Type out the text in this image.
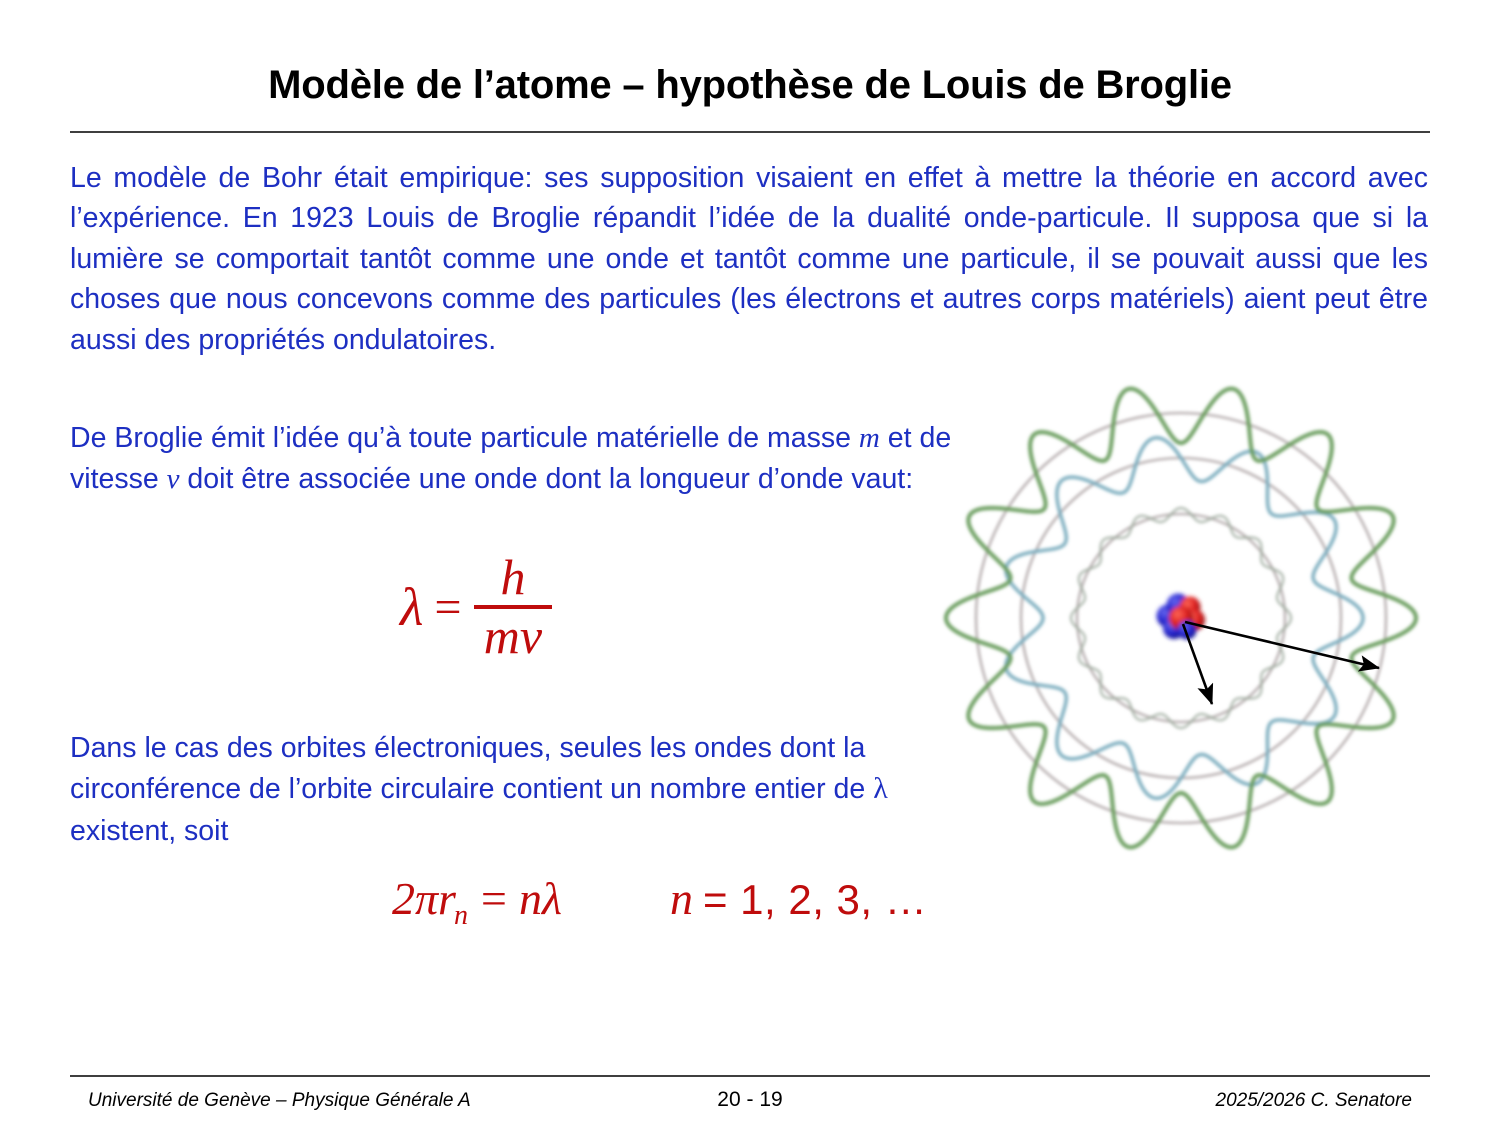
Modèle de l’atome – hypothèse de Louis de Broglie
Le modèle de Bohr était empirique: ses supposition visaient en effet à mettre la théorie en accord avec l’expérience. En 1923 Louis de Broglie répandit l’idée de la dualité onde-particule. Il supposa que si la lumière se comportait tantôt comme une onde et tantôt comme une particule, il se pouvait aussi que les choses que nous concevons comme des particules (les électrons et autres corps matériels) aient peut être aussi des propriétés ondulatoires.
De Broglie émit l’idée qu’à toute particule matérielle de masse m et de vitesse v doit être associée une onde dont la longueur d’onde vaut:
$\lambda = \frac{h}{mv}$
Dans le cas des orbites électroniques, seules les ondes dont la circonférence de l’orbite circulaire contient un nombre entier de λ existent, soit
2 π r
n = n λ n = 1, 2, 3, …
Université de Genève – Physique Générale A	20 - 19	2025/2026 C. Senatore
